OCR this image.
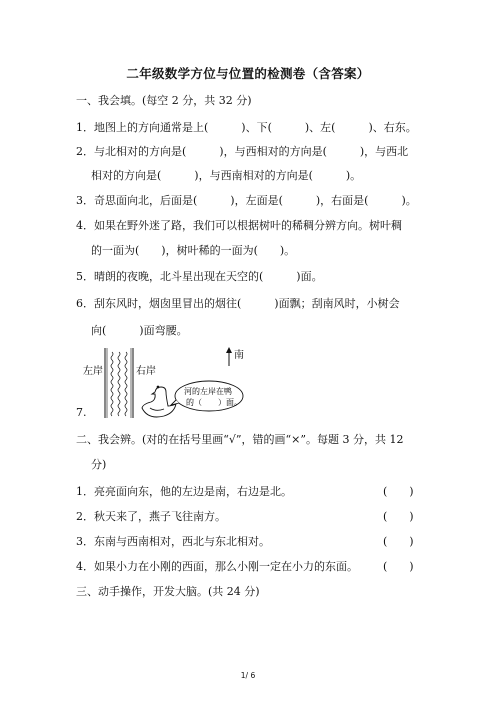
二年级数学方位与位置的检测卷（含答案）
一、我会填。(每空 2 分，共 32 分)
1．地图上的方向通常是上(　　　)、下(　　　)、左(　　　)、右东。
2．与北相对的方向是(　　　)，与西相对的方向是(　　　)，与西北
相对的方向是(　　　)，与西南相对的方向是(　　　)。
3．奇思面向北，后面是(　　　)，左面是(　　　)，右面是(　　　)。
4．如果在野外迷了路，我们可以根据树叶的稀稠分辨方向。树叶稠
的一面为(　　)，树叶稀的一面为(　　)。
5．晴朗的夜晚，北斗星出现在天空的(　　　)面。
6．刮东风时，烟囱里冒出的烟往(　　　)面飘；刮南风时，小树会
向(　　　)面弯腰。
7.
左岸	右岸
南
河的左岸在鸭
的（　　）面。
二、我会辨。(对的在括号里画“√”，错的画“×”。每题 3 分，共 12
分)
1．亮亮面向东，他的左边是南，右边是北。	(　　)
2．秋天来了，燕子飞往南方。	(　　)
3．东南与西南相对，西北与东北相对。	(　　)
4．如果小力在小刚的西面，那么小刚一定在小力的东面。 (　　)
三、动手操作，开发大脑。(共 24 分)
1/ 6
